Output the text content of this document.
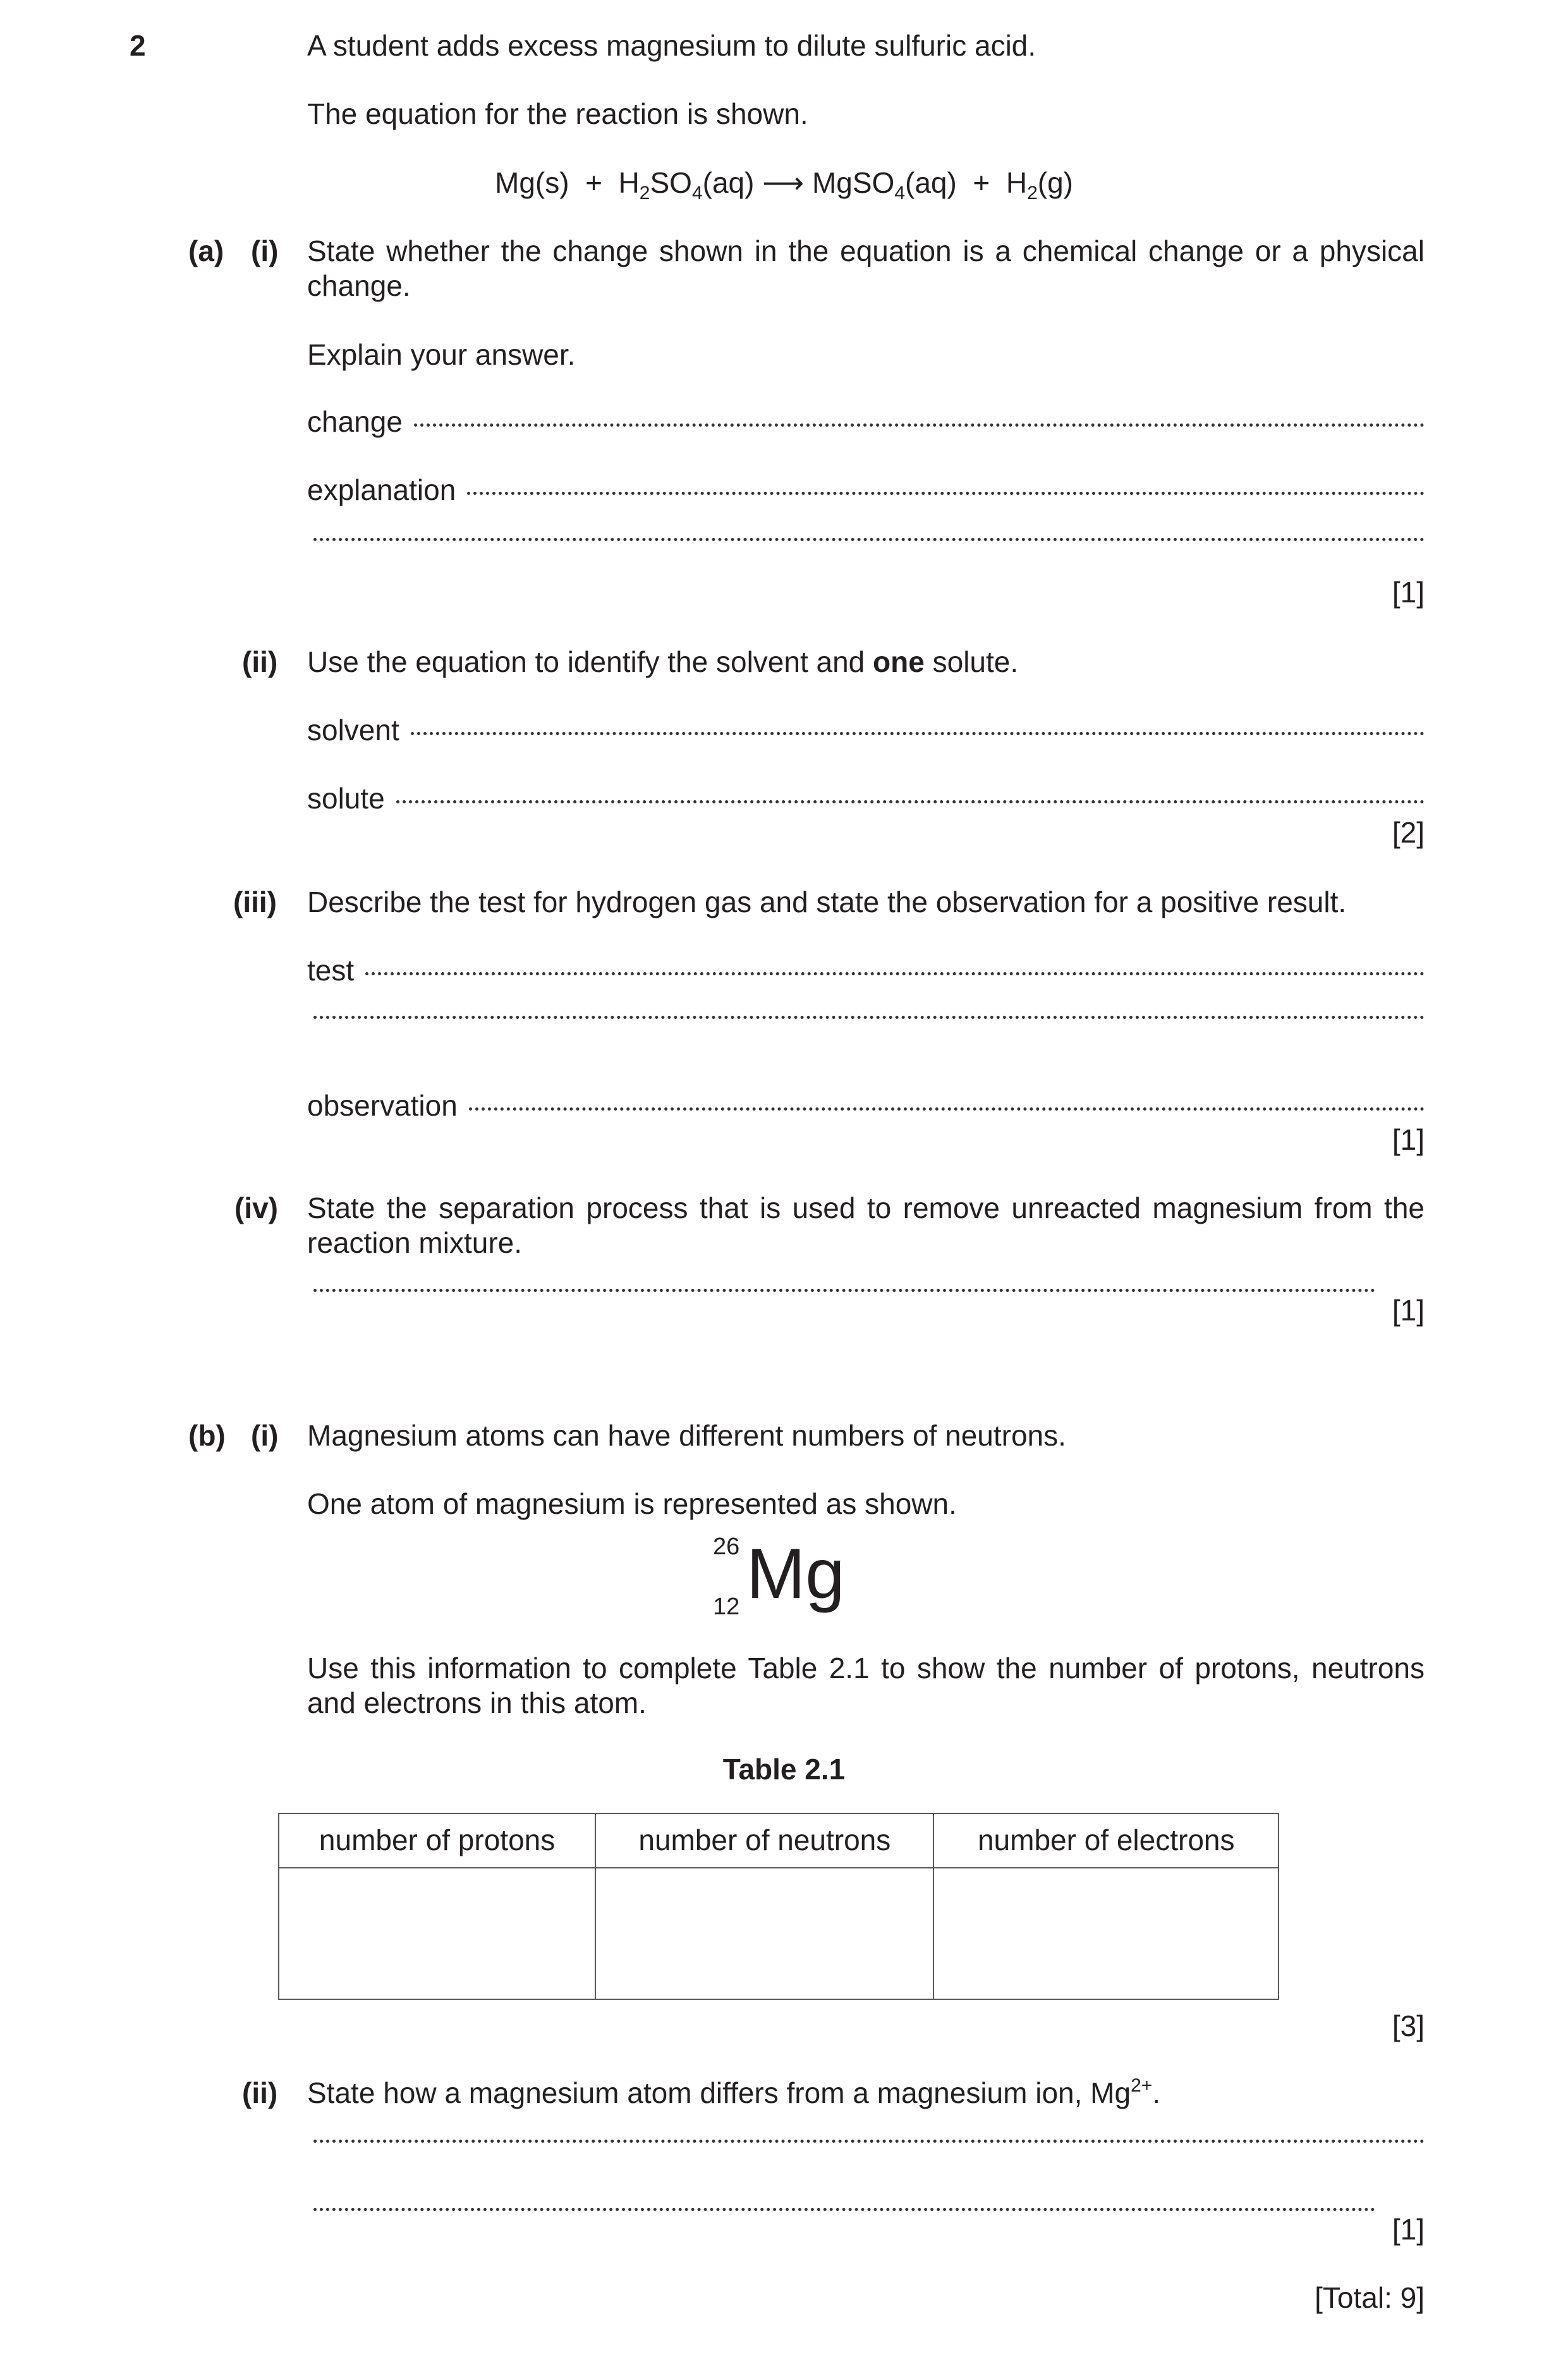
2	A student adds excess magnesium to dilute sulfuric acid.
The equation for the reaction is shown.
$Mg(s) + H_2SO_4(aq)$ ⟶ MgSO$_4$(aq) + $H_2(g)$
(a) (i) State whether the change shown in the equation is a chemical change or a physical change.
Explain your answer.
change
explanation
[1]
(ii) Use the equation to identify the solvent and one solute.
solvent
solute
[2]
(iii) Describe the test for hydrogen gas and state the observation for a positive result.
test
observation
[1]
(iv) State the separation process that is used to remove unreacted magnesium from the reaction mixture.
[1]
(b) (i) Magnesium atoms can have different numbers of neutrons.
One atom of magnesium is represented as shown.
26
12 Mg
Use this information to complete Table 2.1 to show the number of protons, neutrons and electrons in this atom.
Table 2.1
number of protons	number of neutrons	number of electrons

[3]
(ii) State how a magnesium atom differs from a magnesium ion, $Mg^{2+}$.
[1]
[Total: 9]
